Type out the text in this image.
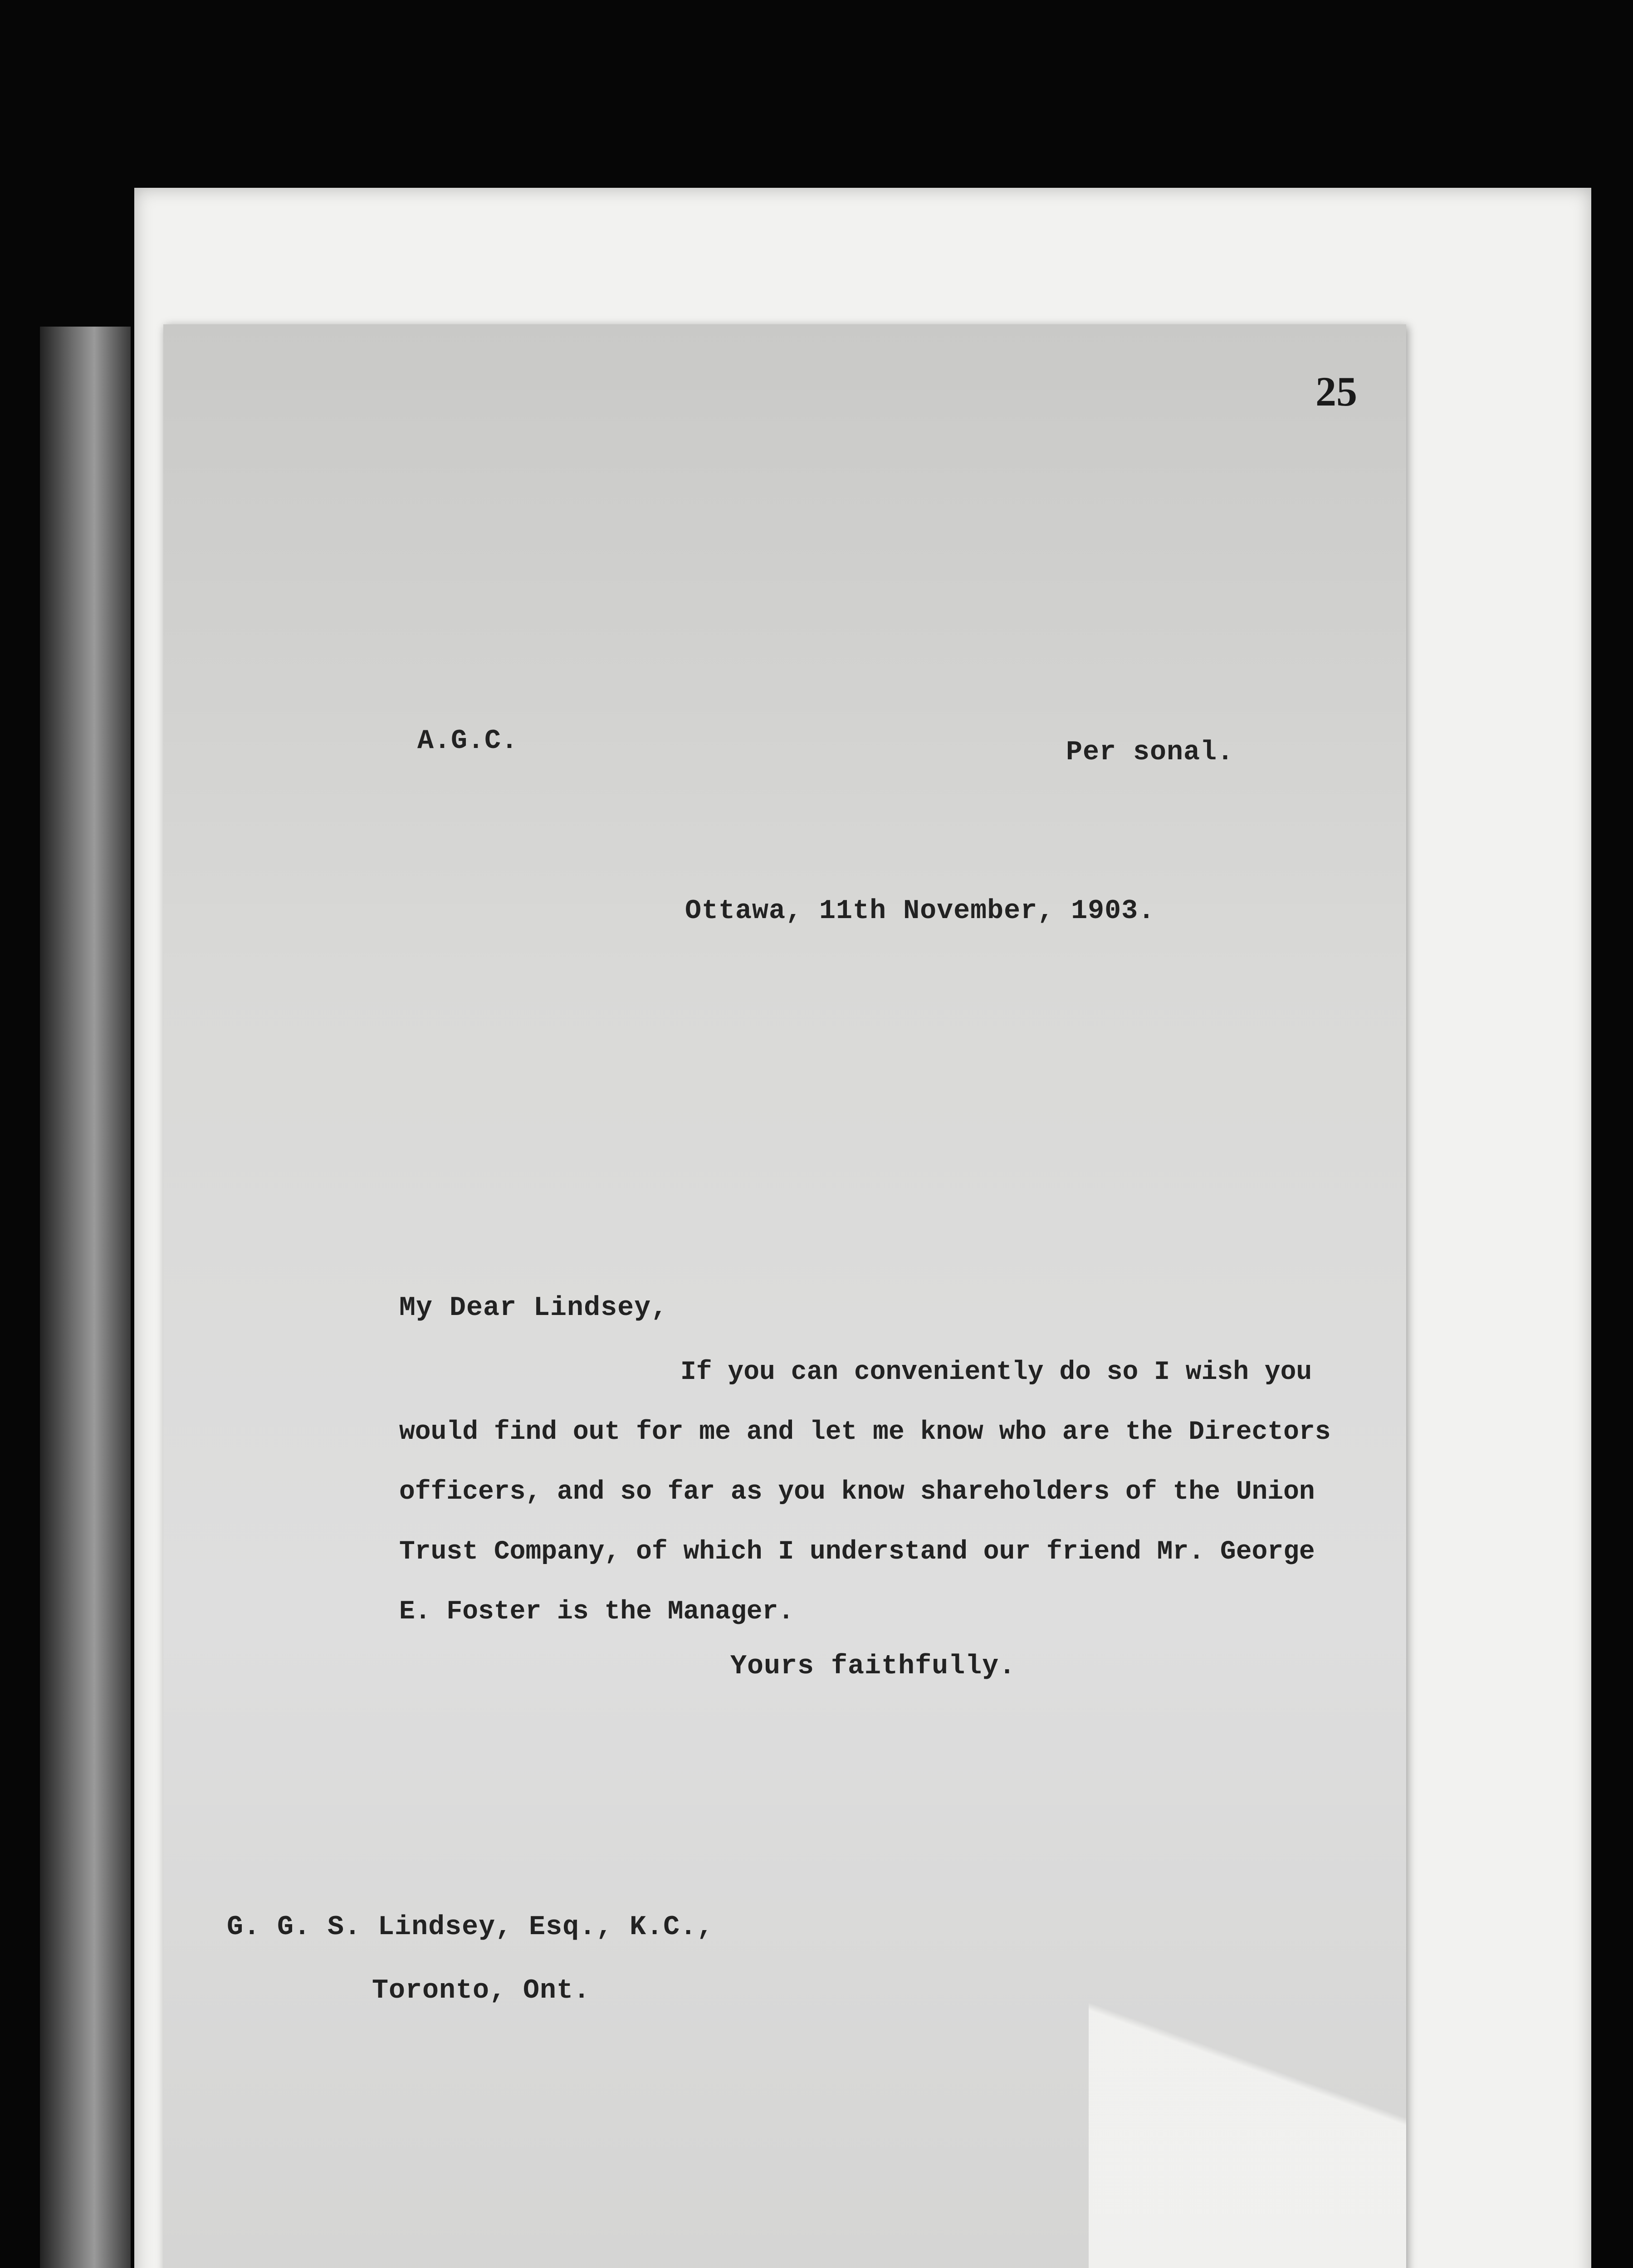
25
A.G.C.	Per sonal.
Ottawa, 11th November, 1903.
My Dear Lindsey,
If you can conveniently do so I wish you would find out for me and let me know who are the Directors officers, and so far as you know shareholders of the Union Trust Company, of which I understand our friend Mr. George E. Foster is the Manager.
Yours faithfully.
G. G. S. Lindsey, Esq., K.C.,
Toronto, Ont.
